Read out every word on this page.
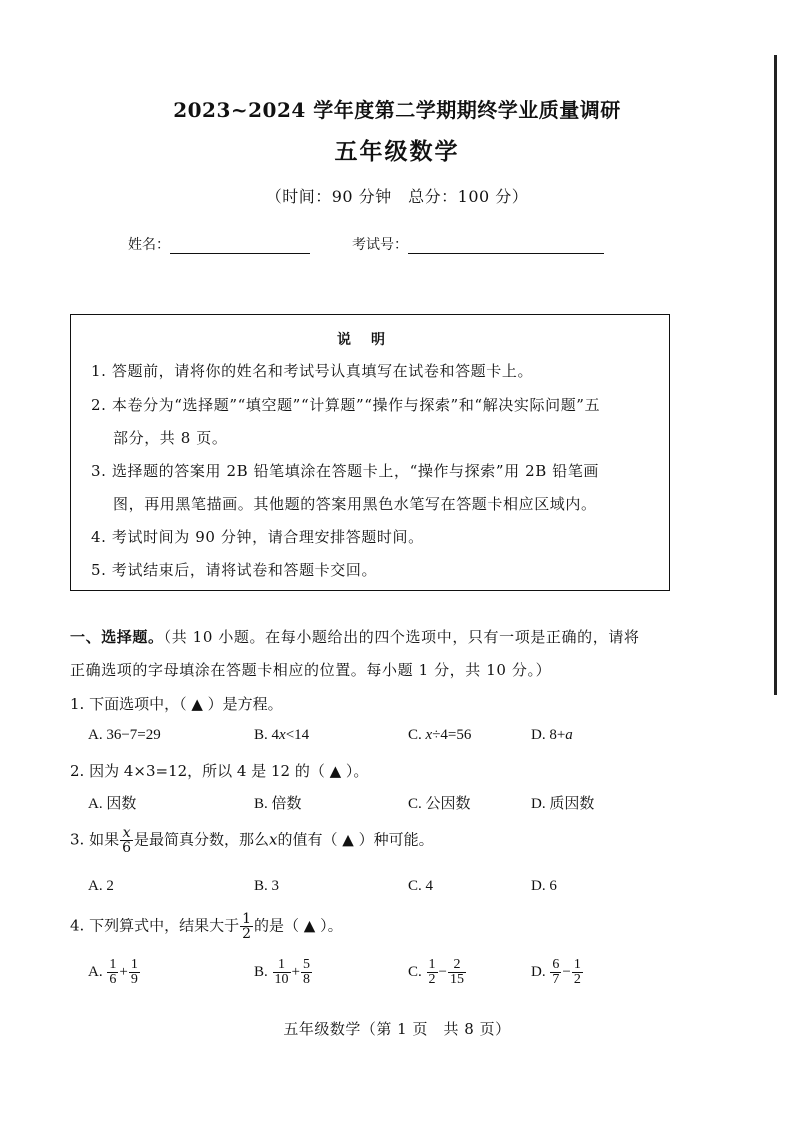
2023~2024 学年度第二学期期终学业质量调研
五年级数学
（时间：90 分钟　总分：100 分）
姓名：	考试号：
说明
1. 答题前，请将你的姓名和考试号认真填写在试卷和答题卡上。
2. 本卷分为“选择题”“填空题”“计算题”“操作与探索”和“解决实际问题”五
部分，共 8 页。
3. 选择题的答案用 2B 铅笔填涂在答题卡上，“操作与探索”用 2B 铅笔画
图，再用黑笔描画。其他题的答案用黑色水笔写在答题卡相应区域内。
4. 考试时间为 90 分钟，请合理安排答题时间。
5. 考试结束后，请将试卷和答题卡交回。
一、选择题。（共 10 小题。在每小题给出的四个选项中，只有一项是正确的，请将
正确选项的字母填涂在答题卡相应的位置。每小题 1 分，共 10 分。）
1. 下面选项中，（ ▲ ）是方程。
A. 36−7=29	B. 4x<14	C. x÷4=56	D. 8+a
2. 因为 4×3=12，所以 4 是 12 的（ ▲ ）。
A. 因数	B. 倍数	C. 公因数	D. 质因数
3. 如果 $\frac{x}{6}$ 是最简真分数，那么x的值有（ ▲ ）种可能。
A. 2	B. 3	C. 4	D. 6
4. 下列算式中，结果大于 $\frac{1}{2}$ 的是（ ▲ ）。
A. $\frac{1}{6} + \frac{1}{9}$	B. $\frac{1}{10} + \frac{5}{8}$	C. $\frac{1}{2} - \frac{2}{15}$	D. $\frac{6}{7} - \frac{1}{2}$
五年级数学（第 1 页　共 8 页）
